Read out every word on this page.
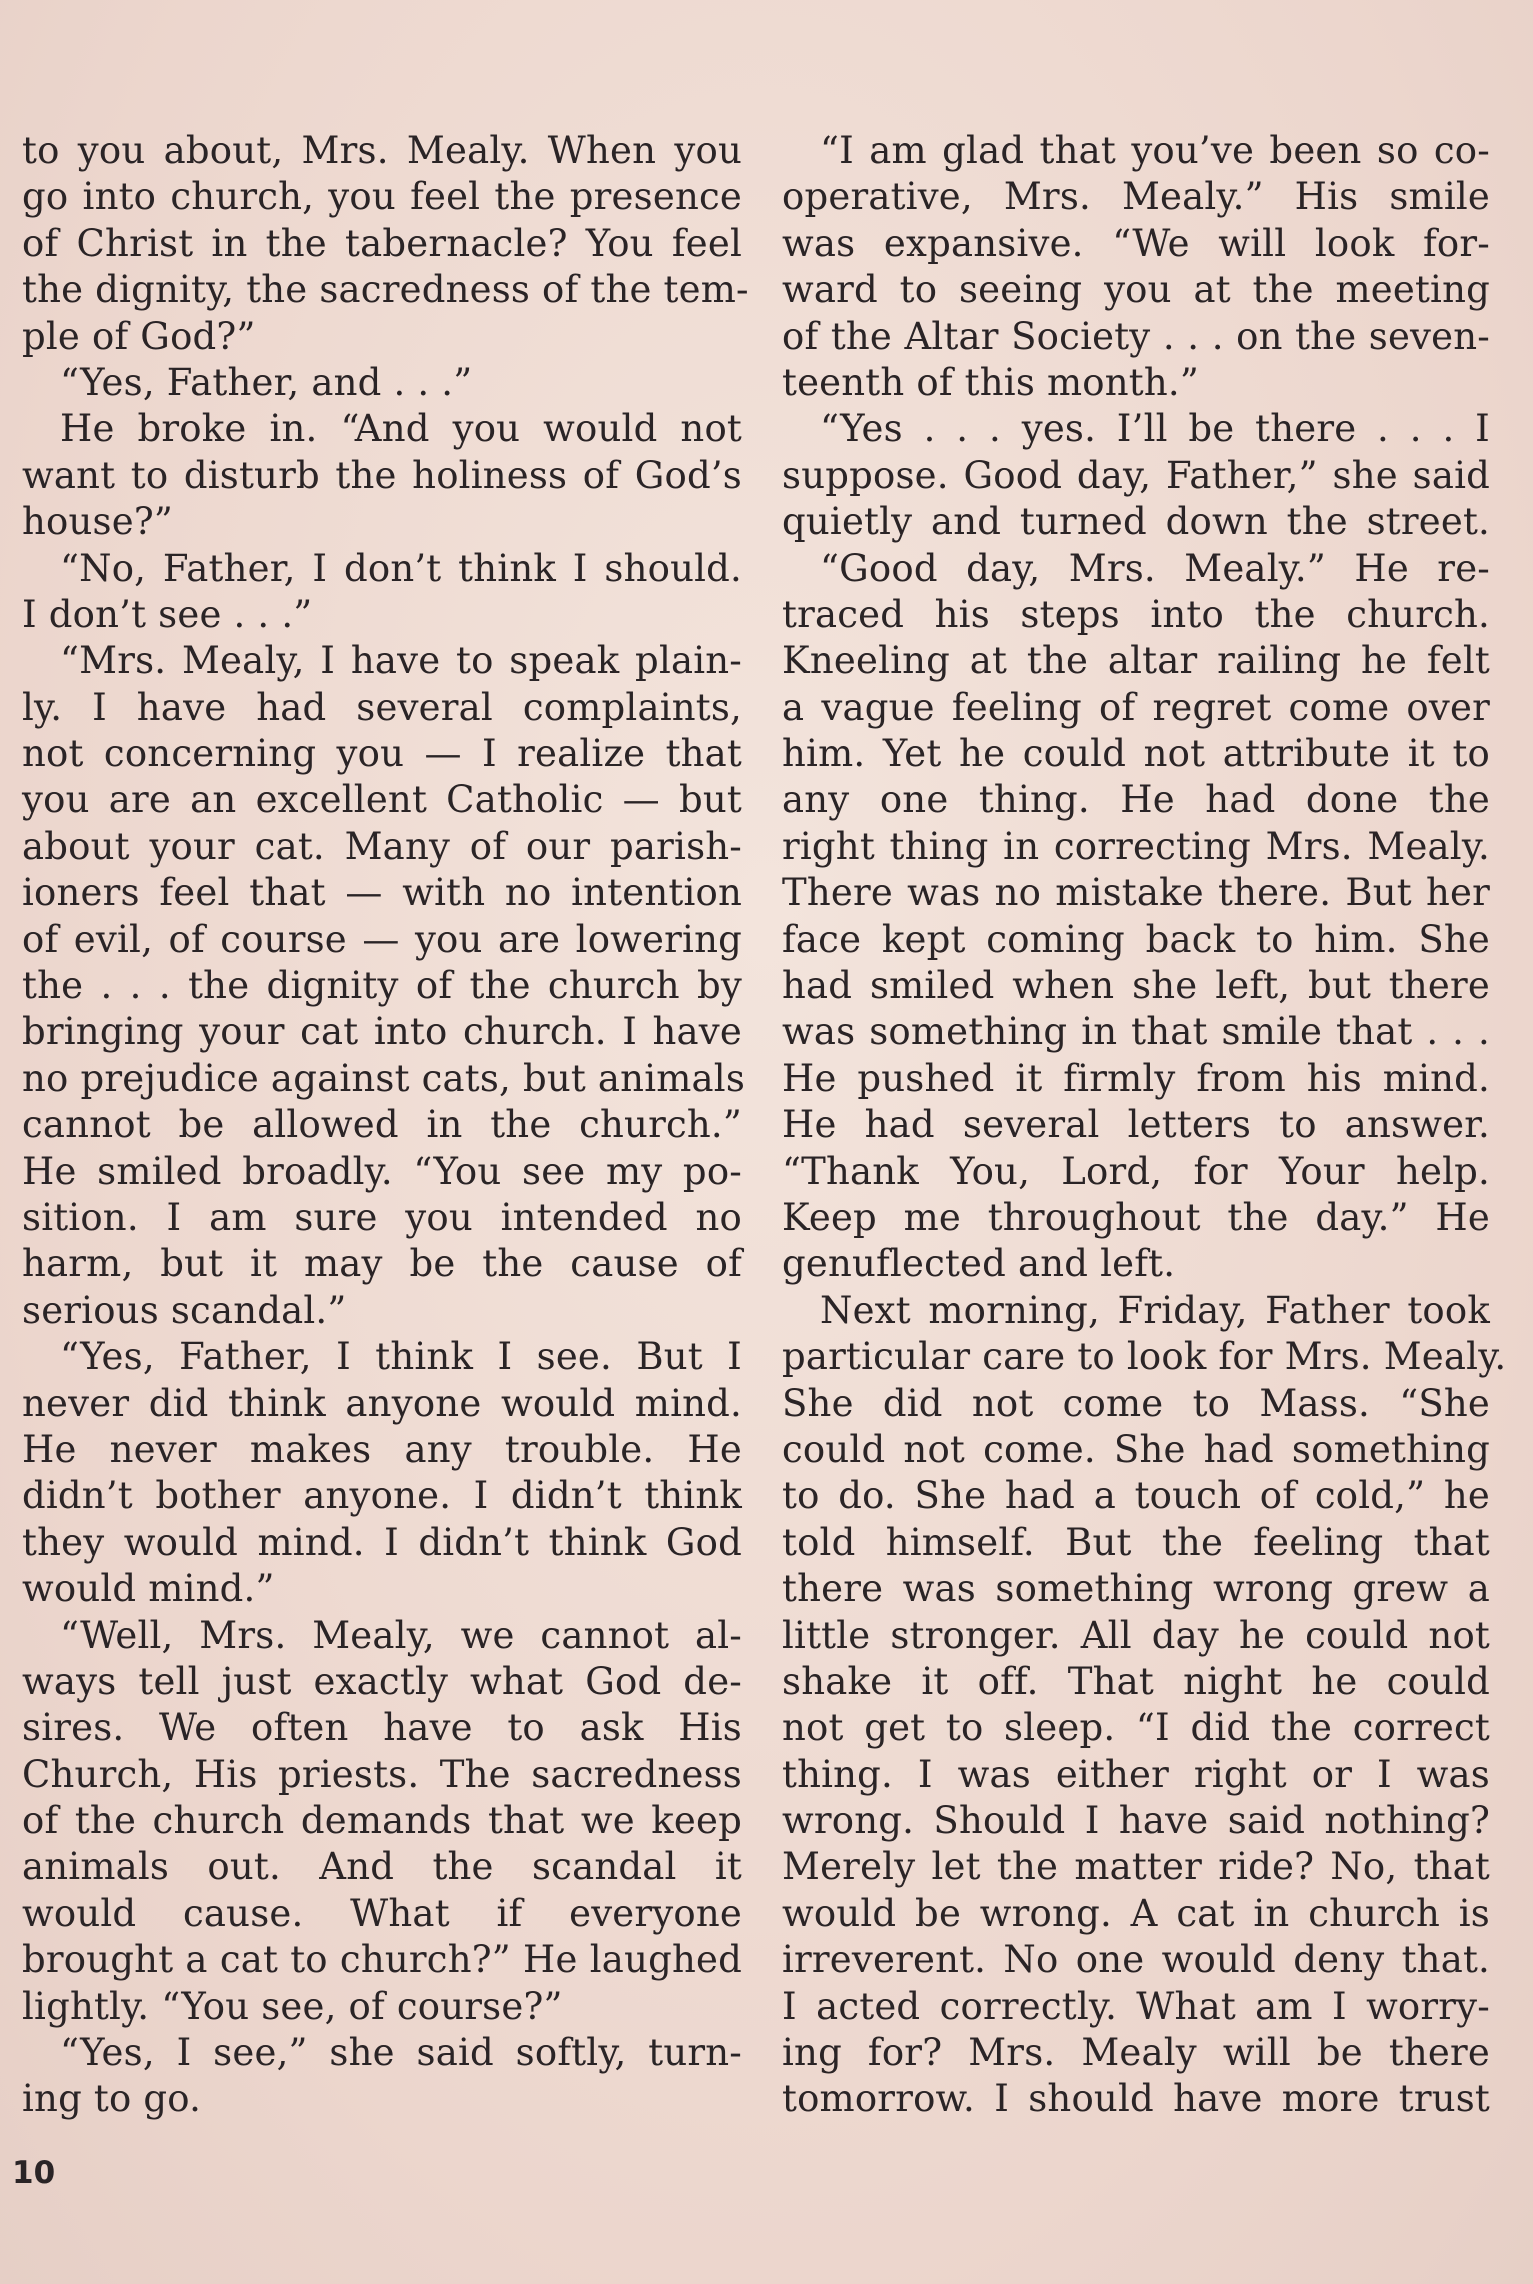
to you about, Mrs. Mealy. When you
go into church, you feel the presence
of Christ in the tabernacle? You feel
the dignity, the sacredness of the tem-
ple of God?”
“Yes, Father, and . . .”
He broke in. “And you would not
want to disturb the holiness of God’s
house?”
“No, Father, I don’t think I should.
I don’t see . . .”
“Mrs. Mealy, I have to speak plain-
ly. I have had several complaints,
not concerning you — I realize that
you are an excellent Catholic — but
about your cat. Many of our parish-
ioners feel that — with no intention
of evil, of course — you are lowering
the . . . the dignity of the church by
bringing your cat into church. I have
no prejudice against cats, but animals
cannot be allowed in the church.”
He smiled broadly. “You see my po-
sition. I am sure you intended no
harm, but it may be the cause of
serious scandal.”
“Yes, Father, I think I see. But I
never did think anyone would mind.
He never makes any trouble. He
didn’t bother anyone. I didn’t think
they would mind. I didn’t think God
would mind.”
“Well, Mrs. Mealy, we cannot al-
ways tell just exactly what God de-
sires. We often have to ask His
Church, His priests. The sacredness
of the church demands that we keep
animals out. And the scandal it
would cause. What if everyone
brought a cat to church?” He laughed
lightly. “You see, of course?”
“Yes, I see,” she said softly, turn-
ing to go.
“I am glad that you’ve been so co-
operative, Mrs. Mealy.” His smile
was expansive. “We will look for-
ward to seeing you at the meeting
of the Altar Society . . . on the seven-
teenth of this month.”
“Yes . . . yes. I’ll be there . . . I
suppose. Good day, Father,” she said
quietly and turned down the street.
“Good day, Mrs. Mealy.” He re-
traced his steps into the church.
Kneeling at the altar railing he felt
a vague feeling of regret come over
him. Yet he could not attribute it to
any one thing. He had done the
right thing in correcting Mrs. Mealy.
There was no mistake there. But her
face kept coming back to him. She
had smiled when she left, but there
was something in that smile that . . .
He pushed it firmly from his mind.
He had several letters to answer.
“Thank You, Lord, for Your help.
Keep me throughout the day.” He
genuflected and left.
Next morning, Friday, Father took
particular care to look for Mrs. Mealy.
She did not come to Mass. “She
could not come. She had something
to do. She had a touch of cold,” he
told himself. But the feeling that
there was something wrong grew a
little stronger. All day he could not
shake it off. That night he could
not get to sleep. “I did the correct
thing. I was either right or I was
wrong. Should I have said nothing?
Merely let the matter ride? No, that
would be wrong. A cat in church is
irreverent. No one would deny that.
I acted correctly. What am I worry-
ing for? Mrs. Mealy will be there
tomorrow. I should have more trust
10
